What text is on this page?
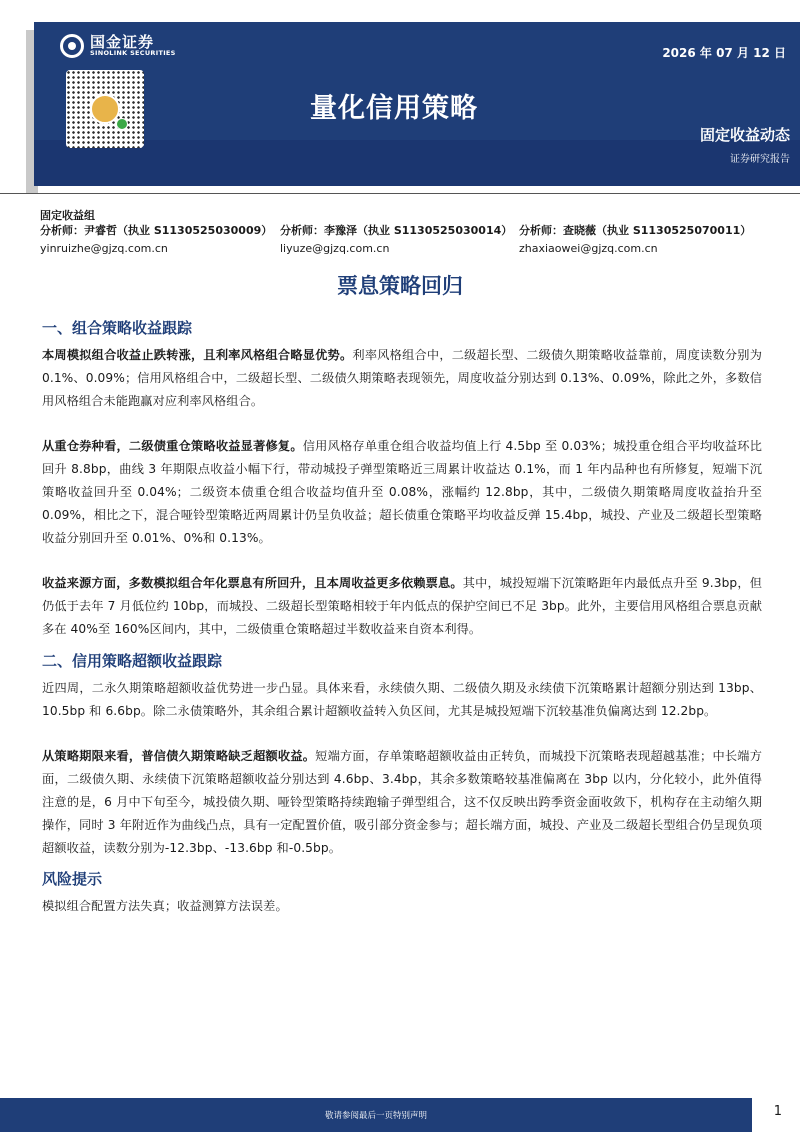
国金证券
SINOLINK SECURITIES	2026 年 07 月 12 日
量化信用策略
固定收益动态
证券研究报告
固定收益组
分析师：尹睿哲（执业 S1130525030009）
yinruizhe@gjzq.com.cn
分析师：李豫泽（执业 S1130525030014）
liyuze@gjzq.com.cn
分析师：查晓薇（执业 S1130525070011）
zhaxiaowei@gjzq.com.cn
票息策略回归
一、组合策略收益跟踪

本周模拟组合收益止跌转涨，且利率风格组合略显优势。利率风格组合中，二级超长型、二级债久期策略收益靠前，周度读数分别为 0.1%、0.09%；信用风格组合中，二级超长型、二级债久期策略表现领先，周度收益分别达到 0.13%、0.09%，除此之外，多数信用风格组合未能跑赢对应利率风格组合。

从重仓券种看，二级债重仓策略收益显著修复。信用风格存单重仓组合收益均值上行 4.5bp 至 0.03%；城投重仓组合平均收益环比回升 8.8bp，曲线 3 年期限点收益小幅下行，带动城投子弹型策略近三周累计收益达 0.1%，而 1 年内品种也有所修复，短端下沉策略收益回升至 0.04%；二级资本债重仓组合收益均值升至 0.08%，涨幅约 12.8bp，其中，二级债久期策略周度收益抬升至 0.09%，相比之下，混合哑铃型策略近两周累计仍呈负收益；超长债重仓策略平均收益反弹 15.4bp，城投、产业及二级超长型策略收益分别回升至 0.01%、0%和 0.13%。

收益来源方面，多数模拟组合年化票息有所回升，且本周收益更多依赖票息。其中，城投短端下沉策略距年内最低点升至 9.3bp，但仍低于去年 7 月低位约 10bp，而城投、二级超长型策略相较于年内低点的保护空间已不足 3bp。此外，主要信用风格组合票息贡献多在 40%至 160%区间内，其中，二级债重仓策略超过半数收益来自资本利得。

二、信用策略超额收益跟踪

近四周，二永久期策略超额收益优势进一步凸显。具体来看，永续债久期、二级债久期及永续债下沉策略累计超额分别达到 13bp、10.5bp 和 6.6bp。除二永债策略外，其余组合累计超额收益转入负区间，尤其是城投短端下沉较基准负偏离达到 12.2bp。

从策略期限来看，普信债久期策略缺乏超额收益。短端方面，存单策略超额收益由正转负，而城投下沉策略表现超越基准；中长端方面，二级债久期、永续债下沉策略超额收益分别达到 4.6bp、3.4bp，其余多数策略较基准偏离在 3bp 以内，分化较小，此外值得注意的是，6 月中下旬至今，城投债久期、哑铃型策略持续跑输子弹型组合，这不仅反映出跨季资金面收敛下，机构存在主动缩久期操作，同时 3 年附近作为曲线凸点，具有一定配置价值，吸引部分资金参与；超长端方面，城投、产业及二级超长型组合仍呈现负项超额收益，读数分别为-12.3bp、-13.6bp 和-0.5bp。

风险提示

模拟组合配置方法失真；收益测算方法误差。

敬请参阅最后一页特别声明	1
